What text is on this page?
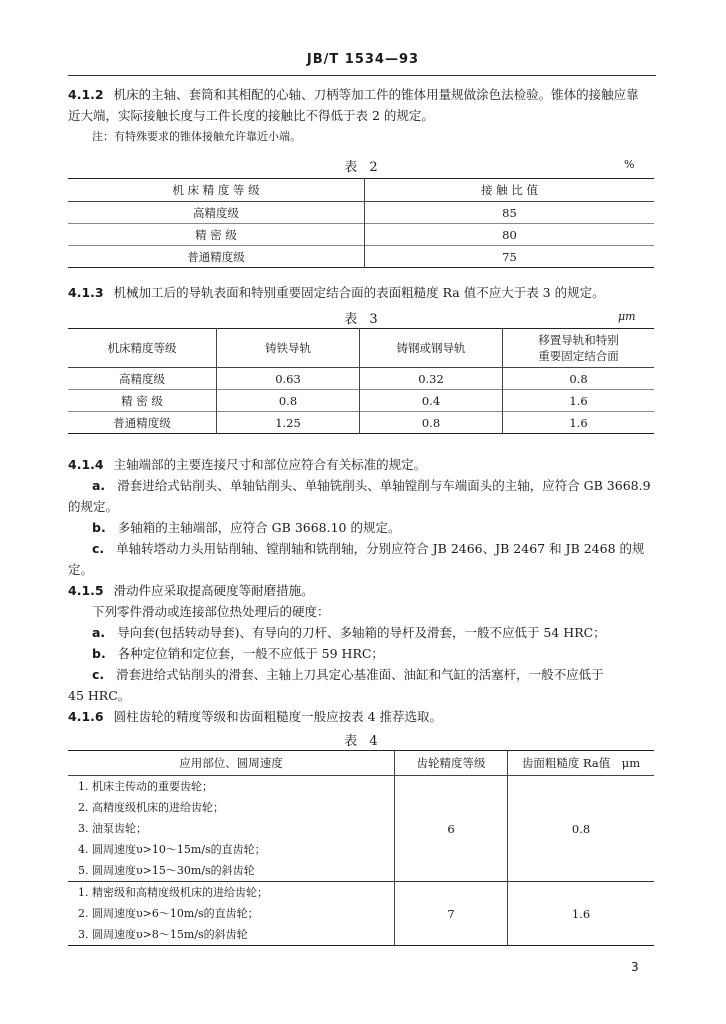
JB/T 1534—93
4.1.2 机床的主轴、套筒和其相配的心轴、刀柄等加工件的锥体用量规做涂色法检验。锥体的接触应靠
近大端，实际接触长度与工件长度的接触比不得低于表 2 的规定。
注：有特殊要求的锥体接触允许靠近小端。
表 2	%
机 床 精 度 等 级	接 触 比 值
高精度级	85
精 密 级	80
普通精度级	75
4.1.3 机械加工后的导轨表面和特别重要固定结合面的表面粗糙度 Ra 值不应大于表 3 的规定。
表 3	μm
机床精度等级	铸铁导轨	铸钢或钢导轨	移置导轨和特别
重要固定结合面

高精度级	0.63	0.32	0.8
精 密 级	0.8	0.4	1.6
普通精度级	1.25	0.8	1.6
4.1.4 主轴端部的主要连接尺寸和部位应符合有关标准的规定。
a. 滑套进给式钻削头、单轴钻削头、单轴铣削头、单轴镗削与车端面头的主轴，应符合 GB 3668.9
的规定。
b. 多轴箱的主轴端部，应符合 GB 3668.10 的规定。
c. 单轴转塔动力头用钻削轴、镗削轴和铣削轴，分别应符合 JB 2466、JB 2467 和 JB 2468 的规
定。
4.1.5 滑动件应采取提高硬度等耐磨措施。
下列零件滑动或连接部位热处理后的硬度：
a. 导向套(包括转动导套)、有导向的刀杆、多轴箱的导杆及滑套，一般不应低于 54 HRC；
b. 各种定位销和定位套，一般不应低于 59 HRC；
c. 滑套进给式钻削头的滑套、主轴上刀具定心基准面、油缸和气缸的活塞杆，一般不应低于
45 HRC。
4.1.6 圆柱齿轮的精度等级和齿面粗糙度一般应按表 4 推荐选取。
表 4
应用部位、圆周速度	齿轮精度等级	齿面粗糙度 Ra值　μm

1. 机床主传动的重要齿轮；
2. 高精度级机床的进给齿轮；
3. 油泵齿轮；
4. 圆周速度υ>10～15m/s的直齿轮；
5. 圆周速度υ>15～30m/s的斜齿轮	6	0.8

1. 精密级和高精度级机床的进给齿轮；
2. 圆周速度υ>6～10m/s的直齿轮；
3. 圆周速度υ>8～15m/s的斜齿轮	7	1.6
3
